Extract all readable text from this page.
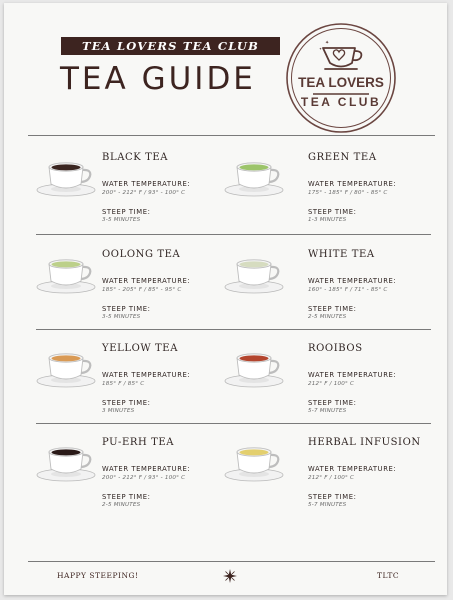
TEA LOVERS TEA CLUB
TEA GUIDE
✦
✦
TEA LOVERS
TEA CLUB
BLACK TEA
WATER TEMPERATURE:
200° - 212° F / 93° - 100° C
STEEP TIME:
3-5 MINUTES
GREEN TEA
WATER TEMPERATURE:
175° - 185° F / 80° - 85° C
STEEP TIME:
1-3 MINUTES
OOLONG TEA
WATER TEMPERATURE:
185° - 205° F / 85° - 95° C
STEEP TIME:
3-5 MINUTES
WHITE TEA
WATER TEMPERATURE:
160° - 185° F / 71° - 85° C
STEEP TIME:
2-5 MINUTES
YELLOW TEA
WATER TEMPERATURE:
185° F / 85° C
STEEP TIME:
3 MINUTES
ROOIBOS
WATER TEMPERATURE:
212° F / 100° C
STEEP TIME:
5-7 MINUTES
PU-ERH TEA
WATER TEMPERATURE:
200° - 212° F / 93° - 100° C
STEEP TIME:
2-5 MINUTES
HERBAL INFUSION
WATER TEMPERATURE:
212° F / 100° C
STEEP TIME:
5-7 MINUTES
HAPPY STEEPING!	TLTC
